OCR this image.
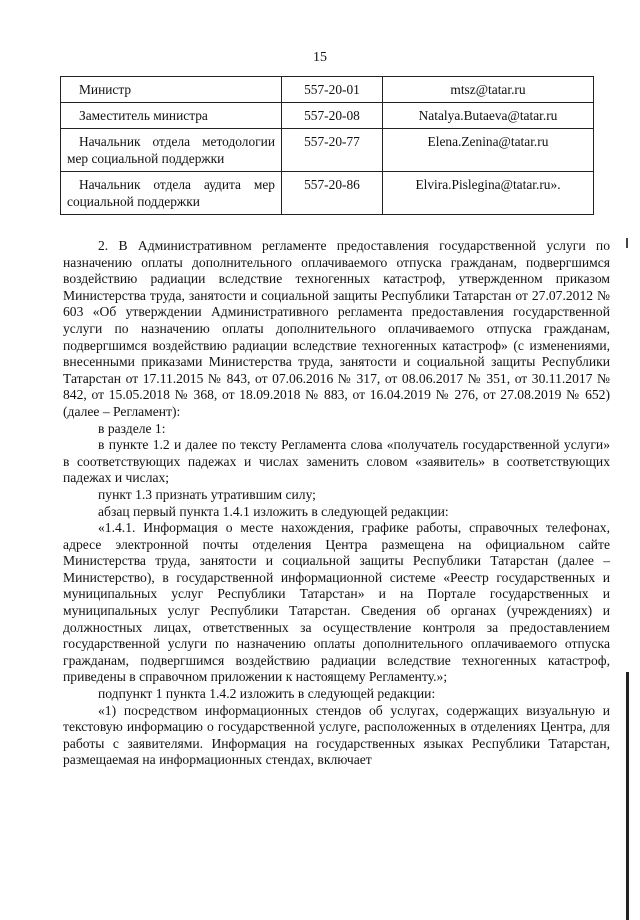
15
Министр	557-20-01	mtsz@tatar.ru

Заместитель министра	557-20-08	Natalya.Butaeva@tatar.ru

Начальник отдела методологии мер социальной поддержки	557-20-77	Elena.Zenina@tatar.ru

Начальник отдела аудита мер социальной поддержки	557-20-86	Elvira.Pislegina@tatar.ru».

2. В Административном регламенте предоставления государственной услуги по назначению оплаты дополнительного оплачиваемого отпуска гражданам, подвергшимся воздействию радиации вследствие техногенных катастроф, утвержденном приказом Министерства труда, занятости и социальной защиты Республики Татарстан от 27.07.2012 № 603 «Об утверждении Административного регламента предоставления государственной услуги по назначению оплаты дополнительного оплачиваемого отпуска гражданам, подвергшимся воздействию радиации вследствие техногенных катастроф» (с изменениями, внесенными приказами Министерства труда, занятости и социальной защиты Республики Татарстан от 17.11.2015 № 843, от 07.06.2016 № 317, от 08.06.2017 № 351, от 30.11.2017 № 842, от 15.05.2018 № 368, от 18.09.2018 № 883, от 16.04.2019 № 276, от 27.08.2019 № 652) (далее – Регламент):

в разделе 1:

в пункте 1.2 и далее по тексту Регламента слова «получатель государственной услуги» в соответствующих падежах и числах заменить словом «заявитель» в соответствующих падежах и числах;

пункт 1.3 признать утратившим силу;

абзац первый пункта 1.4.1 изложить в следующей редакции:

«1.4.1. Информация о месте нахождения, графике работы, справочных телефонах, адресе электронной почты отделения Центра размещена на официальном сайте Министерства труда, занятости и социальной защиты Республики Татарстан (далее – Министерство), в государственной информационной системе «Реестр государственных и муниципальных услуг Республики Татарстан» и на Портале государственных и муниципальных услуг Республики Татарстан. Сведения об органах (учреждениях) и должностных лицах, ответственных за осуществление контроля за предоставлением государственной услуги по назначению оплаты дополнительного оплачиваемого отпуска гражданам, подвергшимся воздействию радиации вследствие техногенных катастроф, приведены в справочном приложении к настоящему Регламенту.»;

подпункт 1 пункта 1.4.2 изложить в следующей редакции:

«1) посредством информационных стендов об услугах, содержащих визуальную и текстовую информацию о государственной услуге, расположенных в отделениях Центра, для работы с заявителями. Информация на государственных языках Республики Татарстан, размещаемая на информационных стендах, включает
